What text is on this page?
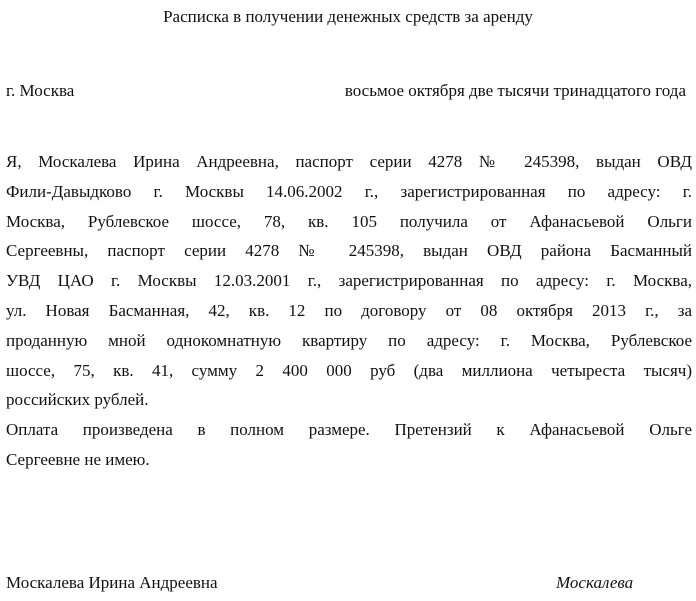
Расписка в получении денежных средств за аренду
г. Москва	восьмое октября две тысячи тринадцатого года

Я, Москалева Ирина Андреевна, паспорт серии 4278 № 245398, выдан ОВД
Фили-Давыдково г. Москвы 14.06.2002 г., зарегистрированная по адресу: г.
Москва, Рублевское шоссе, 78, кв. 105 получила от Афанасьевой Ольги
Сергеевны, паспорт серии 4278 № 245398, выдан ОВД района Басманный
УВД ЦАО г. Москвы 12.03.2001 г., зарегистрированная по адресу: г. Москва,
ул. Новая Басманная, 42, кв. 12 по договору от 08 октября 2013 г., за
проданную мной однокомнатную квартиру по адресу: г. Москва, Рублевское
шоссе, 75, кв. 41, сумму 2 400 000 руб (два миллиона четыреста тысяч)
российских рублей.

Оплата произведена в полном размере. Претензий к Афанасьевой Ольге
Сергеевне не имею.

Москалева Ирина Андреевна	Москалева
